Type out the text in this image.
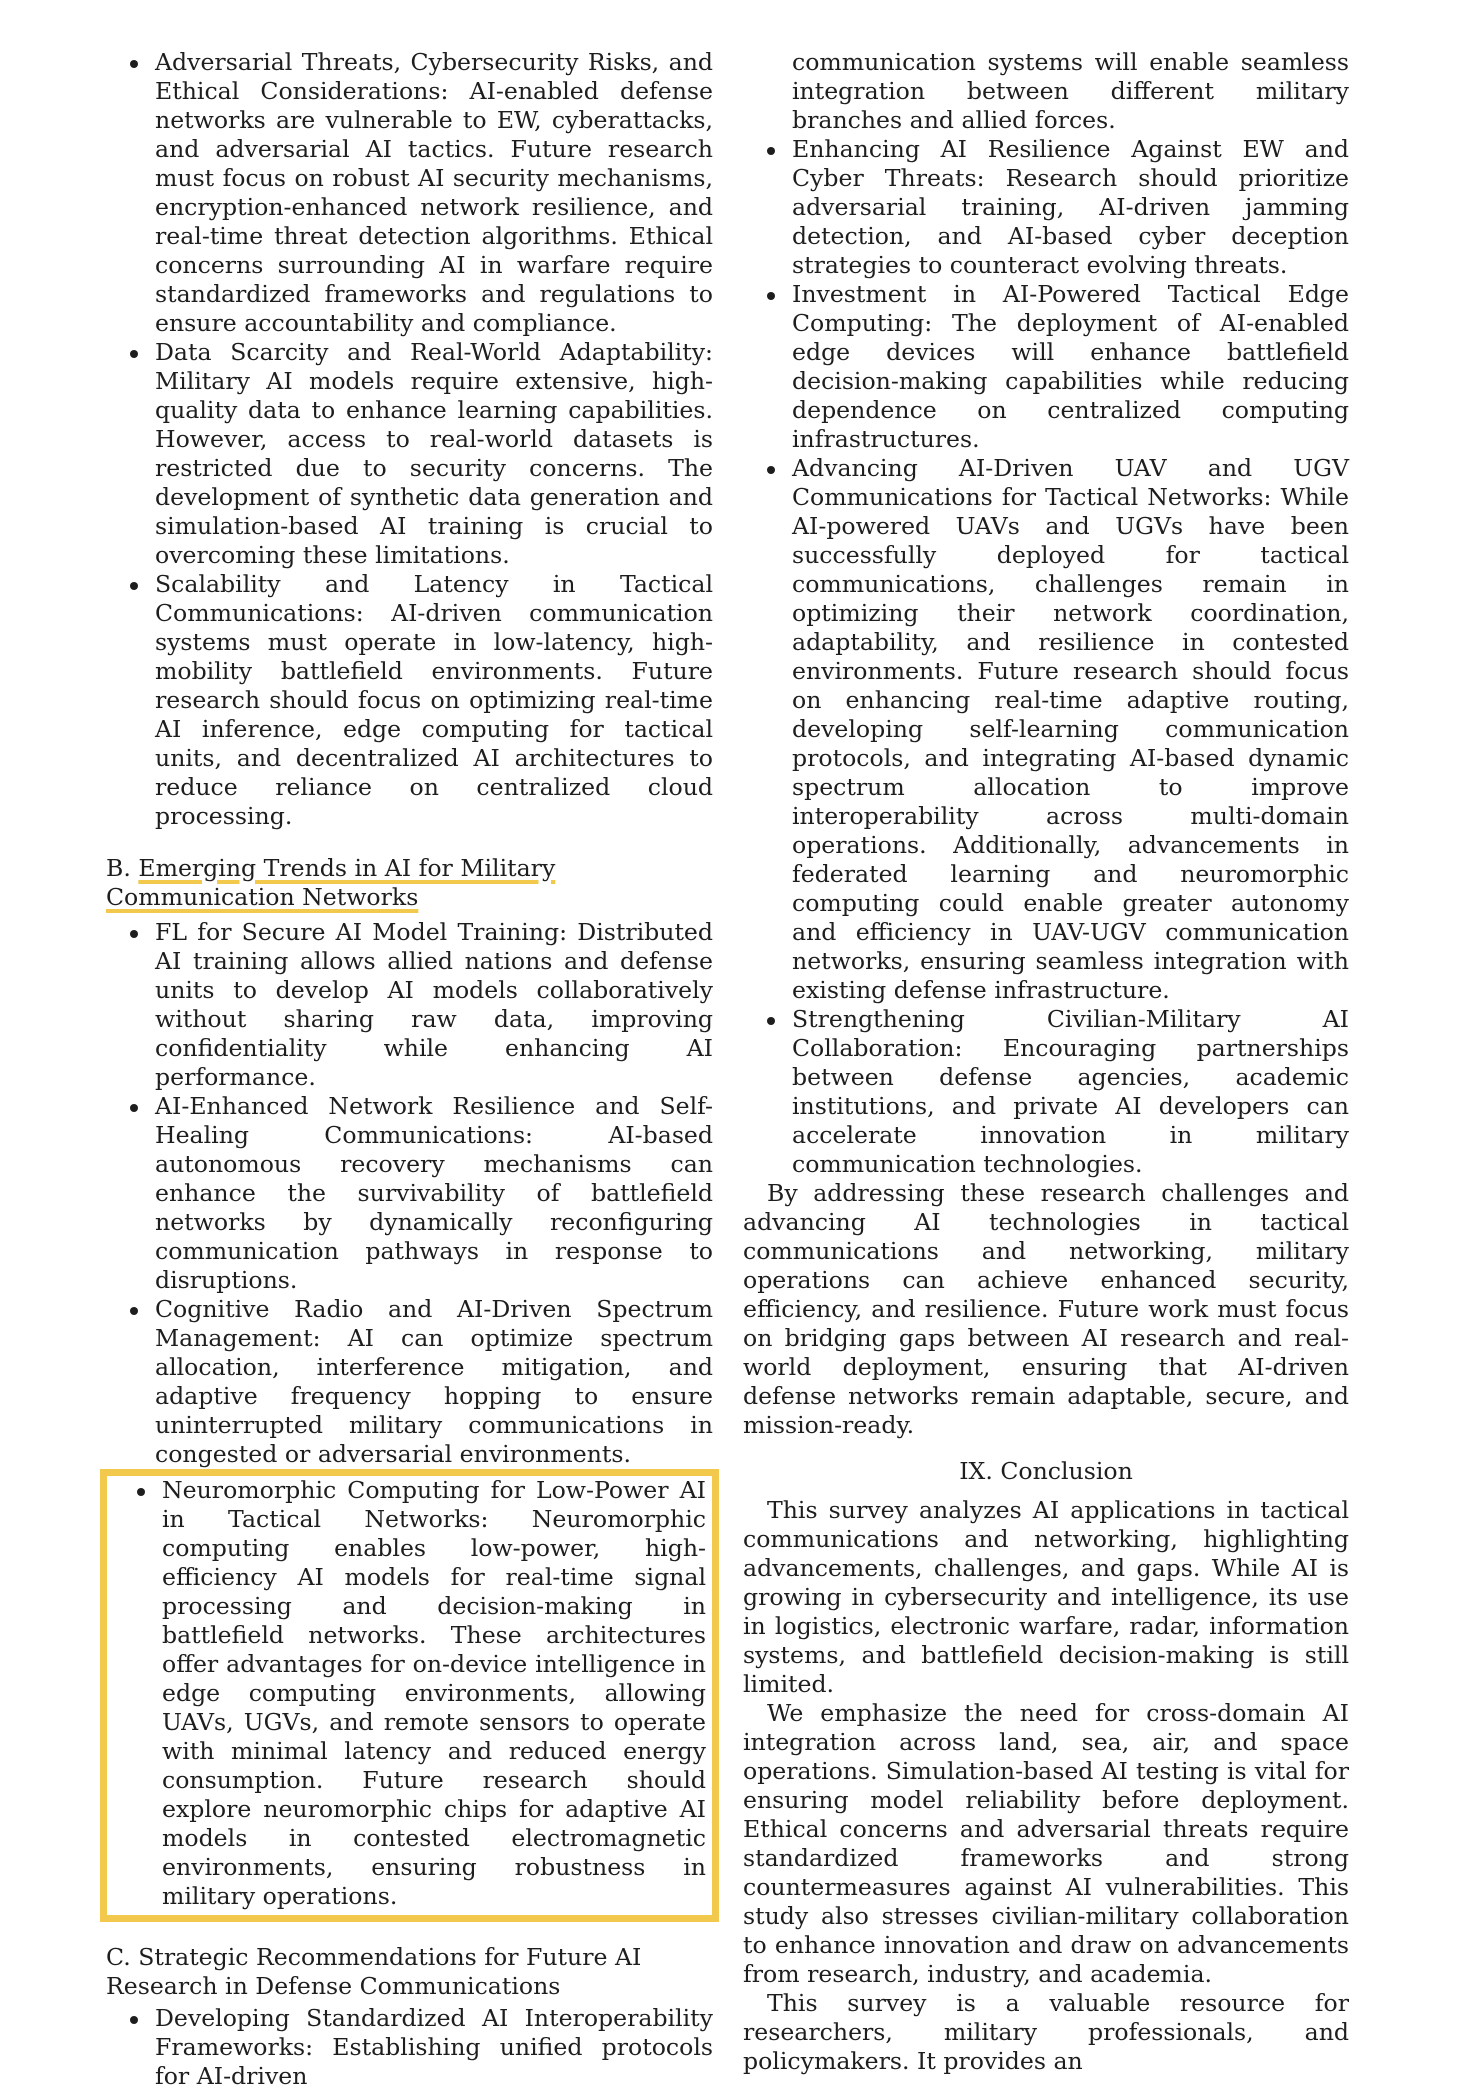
Adversarial Threats, Cybersecurity Risks, and Ethical Considerations: AI-enabled defense networks are vulnerable to EW, cyberattacks, and adversarial AI tactics. Future research must focus on robust AI security mechanisms, encryption-enhanced network resilience, and real-time threat detection algorithms. Ethical concerns surrounding AI in warfare require standardized frameworks and regulations to ensure accountability and compliance.
Data Scarcity and Real-World Adaptability: Military AI models require extensive, high-quality data to enhance learning capabilities. However, access to real-world datasets is restricted due to security concerns. The development of synthetic data generation and simulation-based AI training is crucial to overcoming these limitations.
Scalability and Latency in Tactical Communications: AI-driven communication systems must operate in low-latency, high-mobility battlefield environments. Future research should focus on optimizing real-time AI inference, edge computing for tactical units, and decentralized AI architectures to reduce reliance on centralized cloud processing.
B. Emerging Trends in AI for Military Communication Networks
FL for Secure AI Model Training: Distributed AI training allows allied nations and defense units to develop AI models collaboratively without sharing raw data, improving confidentiality while enhancing AI performance.
AI-Enhanced Network Resilience and Self-Healing Communications: AI-based autonomous recovery mechanisms can enhance the survivability of battlefield networks by dynamically reconfiguring communication pathways in response to disruptions.
Cognitive Radio and AI-Driven Spectrum Management: AI can optimize spectrum allocation, interference mitigation, and adaptive frequency hopping to ensure uninterrupted military communications in congested or adversarial environments.
Neuromorphic Computing for Low-Power AI in Tactical Networks: Neuromorphic computing enables low-power, high-efficiency AI models for real-time signal processing and decision-making in battlefield networks. These architectures offer advantages for on-device intelligence in edge computing environments, allowing UAVs, UGVs, and remote sensors to operate with minimal latency and reduced energy consumption. Future research should explore neuromorphic chips for adaptive AI models in contested electromagnetic environments, ensuring robustness in military operations.
C. Strategic Recommendations for Future AI Research in Defense Communications
Developing Standardized AI Interoperability Frameworks: Establishing unified protocols for AI-driven
communication systems will enable seamless integration between different military branches and allied forces.
Enhancing AI Resilience Against EW and Cyber Threats: Research should prioritize adversarial training, AI-driven jamming detection, and AI-based cyber deception strategies to counteract evolving threats.
Investment in AI-Powered Tactical Edge Computing: The deployment of AI-enabled edge devices will enhance battlefield decision-making capabilities while reducing dependence on centralized computing infrastructures.
Advancing AI-Driven UAV and UGV Communications for Tactical Networks: While AI-powered UAVs and UGVs have been successfully deployed for tactical communications, challenges remain in optimizing their network coordination, adaptability, and resilience in contested environments. Future research should focus on enhancing real-time adaptive routing, developing self-learning communication protocols, and integrating AI-based dynamic spectrum allocation to improve interoperability across multi-domain operations. Additionally, advancements in federated learning and neuromorphic computing could enable greater autonomy and efficiency in UAV-UGV communication networks, ensuring seamless integration with existing defense infrastructure.
Strengthening Civilian-Military AI Collaboration: Encouraging partnerships between defense agencies, academic institutions, and private AI developers can accelerate innovation in military communication technologies.

By addressing these research challenges and advancing AI technologies in tactical communications and networking, military operations can achieve enhanced security, efficiency, and resilience. Future work must focus on bridging gaps between AI research and real-world deployment, ensuring that AI-driven defense networks remain adaptable, secure, and mission-ready.

IX. Conclusion

This survey analyzes AI applications in tactical communications and networking, highlighting advancements, challenges, and gaps. While AI is growing in cybersecurity and intelligence, its use in logistics, electronic warfare, radar, information systems, and battlefield decision-making is still limited.

We emphasize the need for cross-domain AI integration across land, sea, air, and space operations. Simulation-based AI testing is vital for ensuring model reliability before deployment. Ethical concerns and adversarial threats require standardized frameworks and strong countermeasures against AI vulnerabilities. This study also stresses civilian-military collaboration to enhance innovation and draw on advancements from research, industry, and academia.

This survey is a valuable resource for researchers, military professionals, and policymakers. It provides an
